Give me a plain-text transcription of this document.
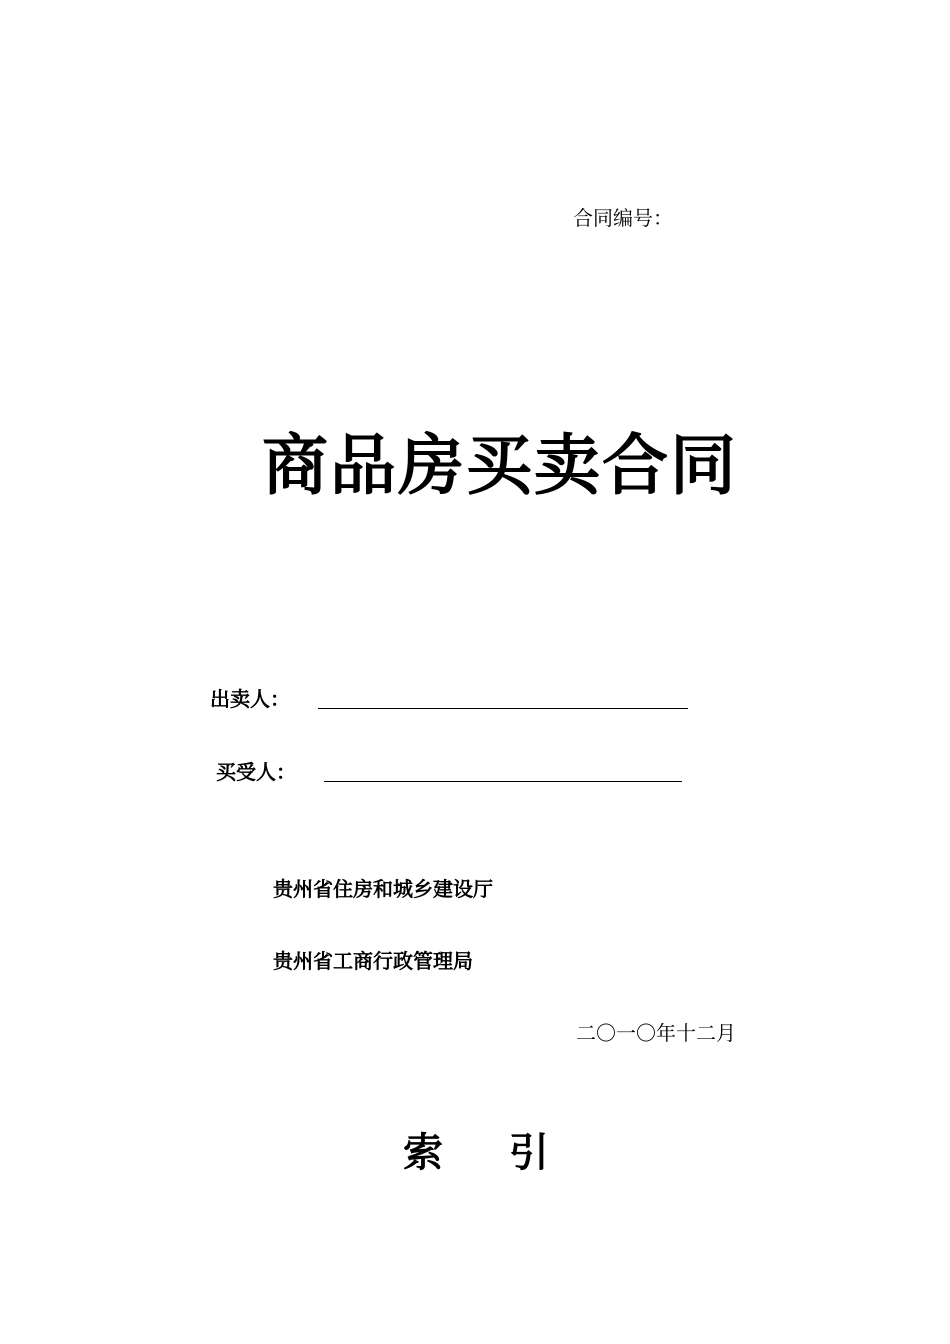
合同编号：
商品房买卖合同
出卖人：
买受人：
贵州省住房和城乡建设厅
贵州省工商行政管理局
二〇一〇年十二月
索 引
